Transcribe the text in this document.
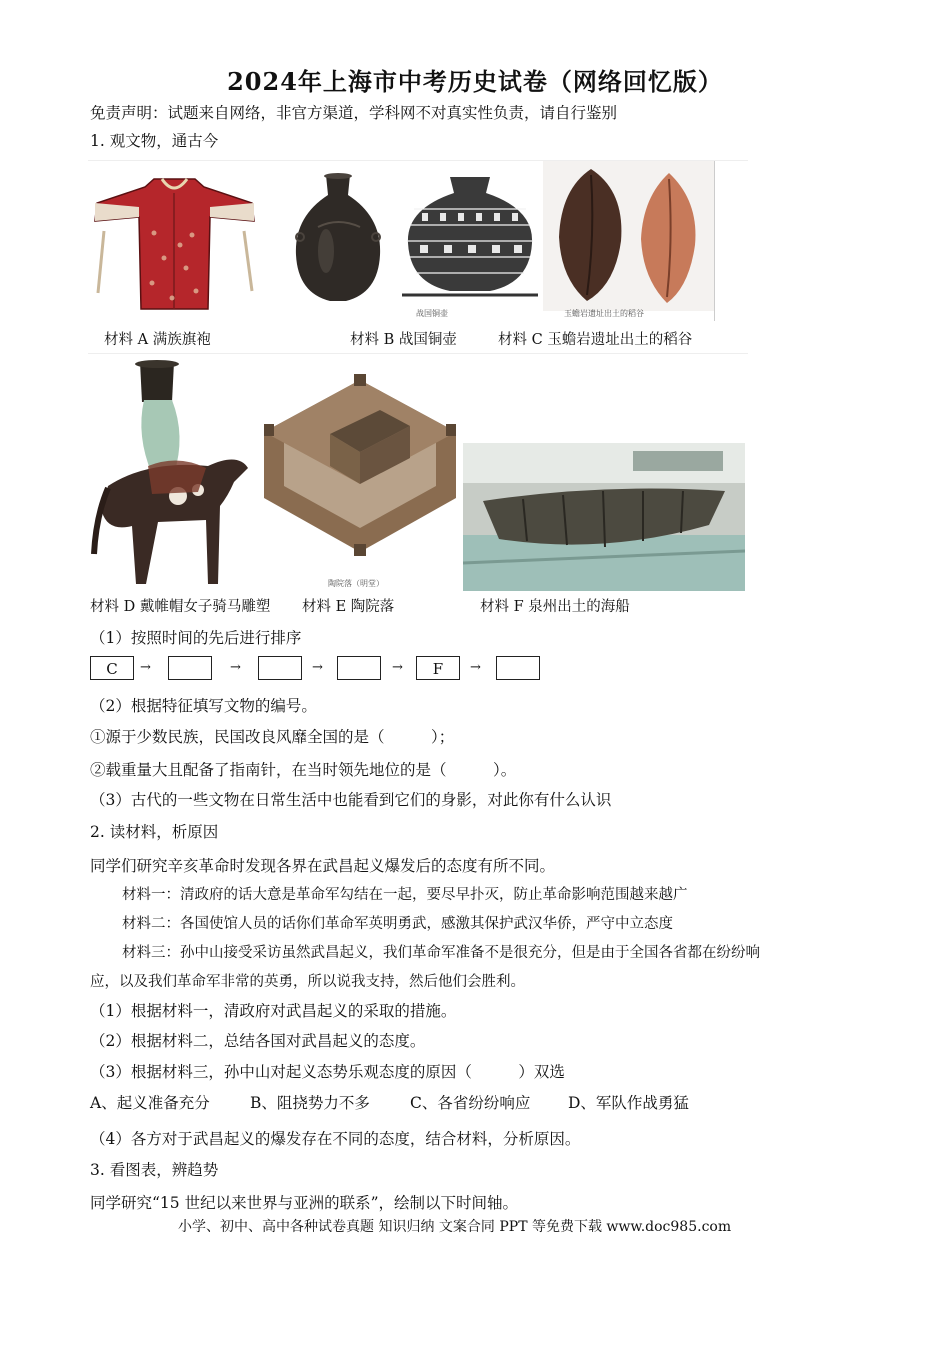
2024年上海市中考历史试卷（网络回忆版）
免责声明：试题来自网络，非官方渠道，学科网不对真实性负责，请自行鉴别
1. 观文物，通古今
战国铜壶	玉蟾岩遗址出土的稻谷
材料 A 满族旗袍	材料 B 战国铜壶	材料 C 玉蟾岩遗址出土的稻谷
陶院落（明堂）
材料 D 戴帷帽女子骑马雕塑 材料 E 陶院落	材料 F 泉州出土的海船
（1）按照时间的先后进行排序
C	→	→	→	→	F	→
（2）根据特征填写文物的编号。
①源于少数民族，民国改良风靡全国的是（　　　）；
②载重量大且配备了指南针，在当时领先地位的是（　　　）。
（3）古代的一些文物在日常生活中也能看到它们的身影，对此你有什么认识
2. 读材料，析原因
同学们研究辛亥革命时发现各界在武昌起义爆发后的态度有所不同。
材料一：清政府的话大意是革命军勾结在一起，要尽早扑灭，防止革命影响范围越来越广
材料二：各国使馆人员的话你们革命军英明勇武，感激其保护武汉华侨，严守中立态度
材料三：孙中山接受采访虽然武昌起义，我们革命军准备不是很充分，但是由于全国各省都在纷纷响
应，以及我们革命军非常的英勇，所以说我支持，然后他们会胜利。
（1）根据材料一，清政府对武昌起义的采取的措施。
（2）根据材料二，总结各国对武昌起义的态度。
（3）根据材料三，孙中山对起义态势乐观态度的原因（　　　）双选
A、起义准备充分	B、阻挠势力不多	C、各省纷纷响应 D、军队作战勇猛
（4）各方对于武昌起义的爆发存在不同的态度，结合材料，分析原因。
3. 看图表，辨趋势
同学研究“15 世纪以来世界与亚洲的联系”，绘制以下时间轴。
小学、初中、高中各种试卷真题 知识归纳 文案合同 PPT 等免费下载 www.doc985.com
